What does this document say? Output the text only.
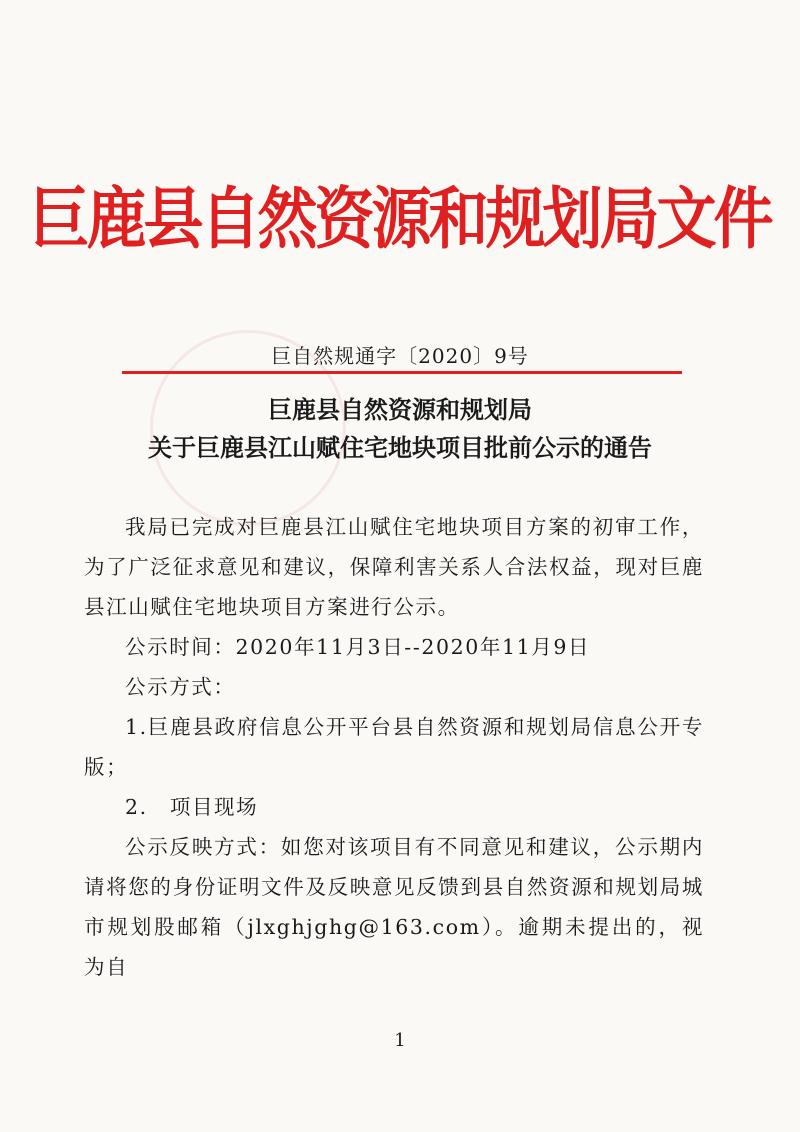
巨鹿县自然资源和规划局文件
巨自然规通字〔2020〕9号
巨鹿县自然资源和规划局
关于巨鹿县江山赋住宅地块项目批前公示的通告

我局已完成对巨鹿县江山赋住宅地块项目方案的初审工作，为了广泛征求意见和建议，保障利害关系人合法权益，现对巨鹿县江山赋住宅地块项目方案进行公示。

公示时间：2020年11月3日--2020年11月9日

公示方式：

1.巨鹿县政府信息公开平台县自然资源和规划局信息公开专版；

2.　项目现场

公示反映方式：如您对该项目有不同意见和建议，公示期内请将您的身份证明文件及反映意见反馈到县自然资源和规划局城市规划股邮箱（jlxghjghg@163.com）。逾期未提出的，视为自

1
